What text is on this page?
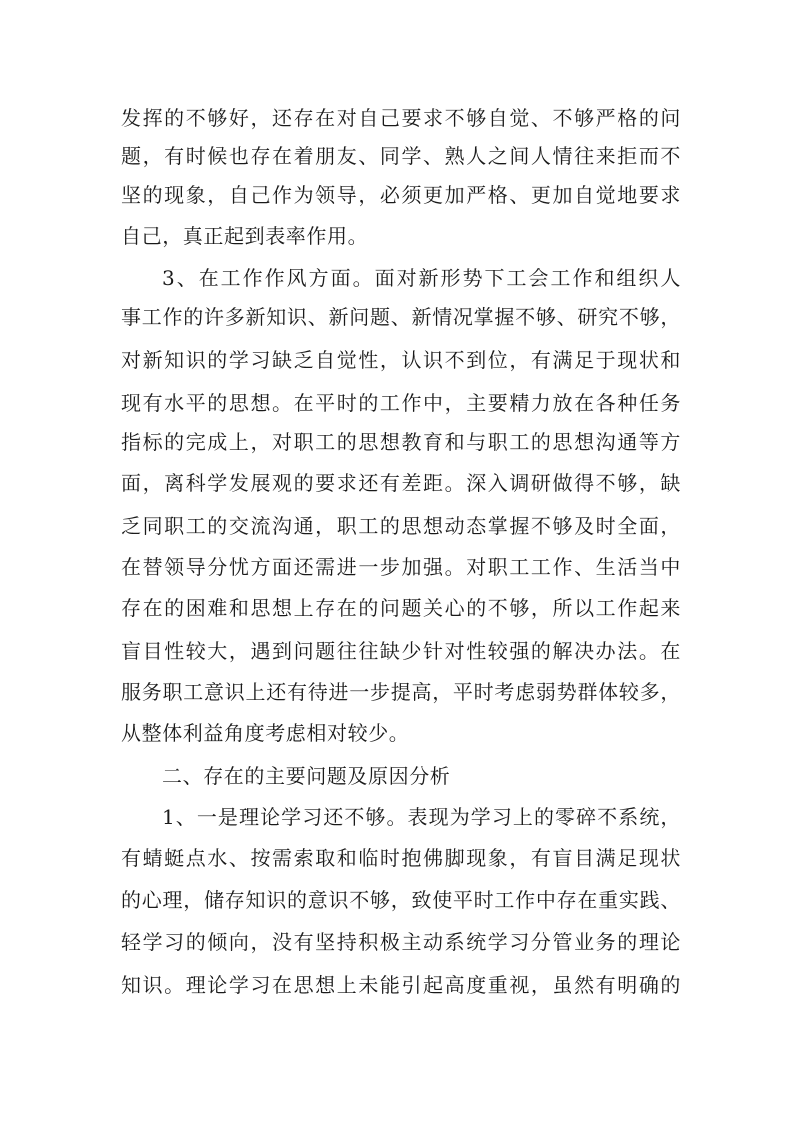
发挥的不够好，还存在对自己要求不够自觉、不够严格的问
题，有时候也存在着朋友、同学、熟人之间人情往来拒而不
坚的现象，自己作为领导，必须更加严格、更加自觉地要求
自己，真正起到表率作用。
3、在工作作风方面。面对新形势下工会工作和组织人
事工作的许多新知识、新问题、新情况掌握不够、研究不够，
对新知识的学习缺乏自觉性，认识不到位，有满足于现状和
现有水平的思想。在平时的工作中，主要精力放在各种任务
指标的完成上，对职工的思想教育和与职工的思想沟通等方
面，离科学发展观的要求还有差距。深入调研做得不够，缺
乏同职工的交流沟通，职工的思想动态掌握不够及时全面，
在替领导分忧方面还需进一步加强。对职工工作、生活当中
存在的困难和思想上存在的问题关心的不够，所以工作起来
盲目性较大，遇到问题往往缺少针对性较强的解决办法。在
服务职工意识上还有待进一步提高，平时考虑弱势群体较多，
从整体利益角度考虑相对较少。
二、存在的主要问题及原因分析
1、一是理论学习还不够。表现为学习上的零碎不系统，
有蜻蜓点水、按需索取和临时抱佛脚现象，有盲目满足现状
的心理，储存知识的意识不够，致使平时工作中存在重实践、
轻学习的倾向，没有坚持积极主动系统学习分管业务的理论
知识。理论学习在思想上未能引起高度重视，虽然有明确的
